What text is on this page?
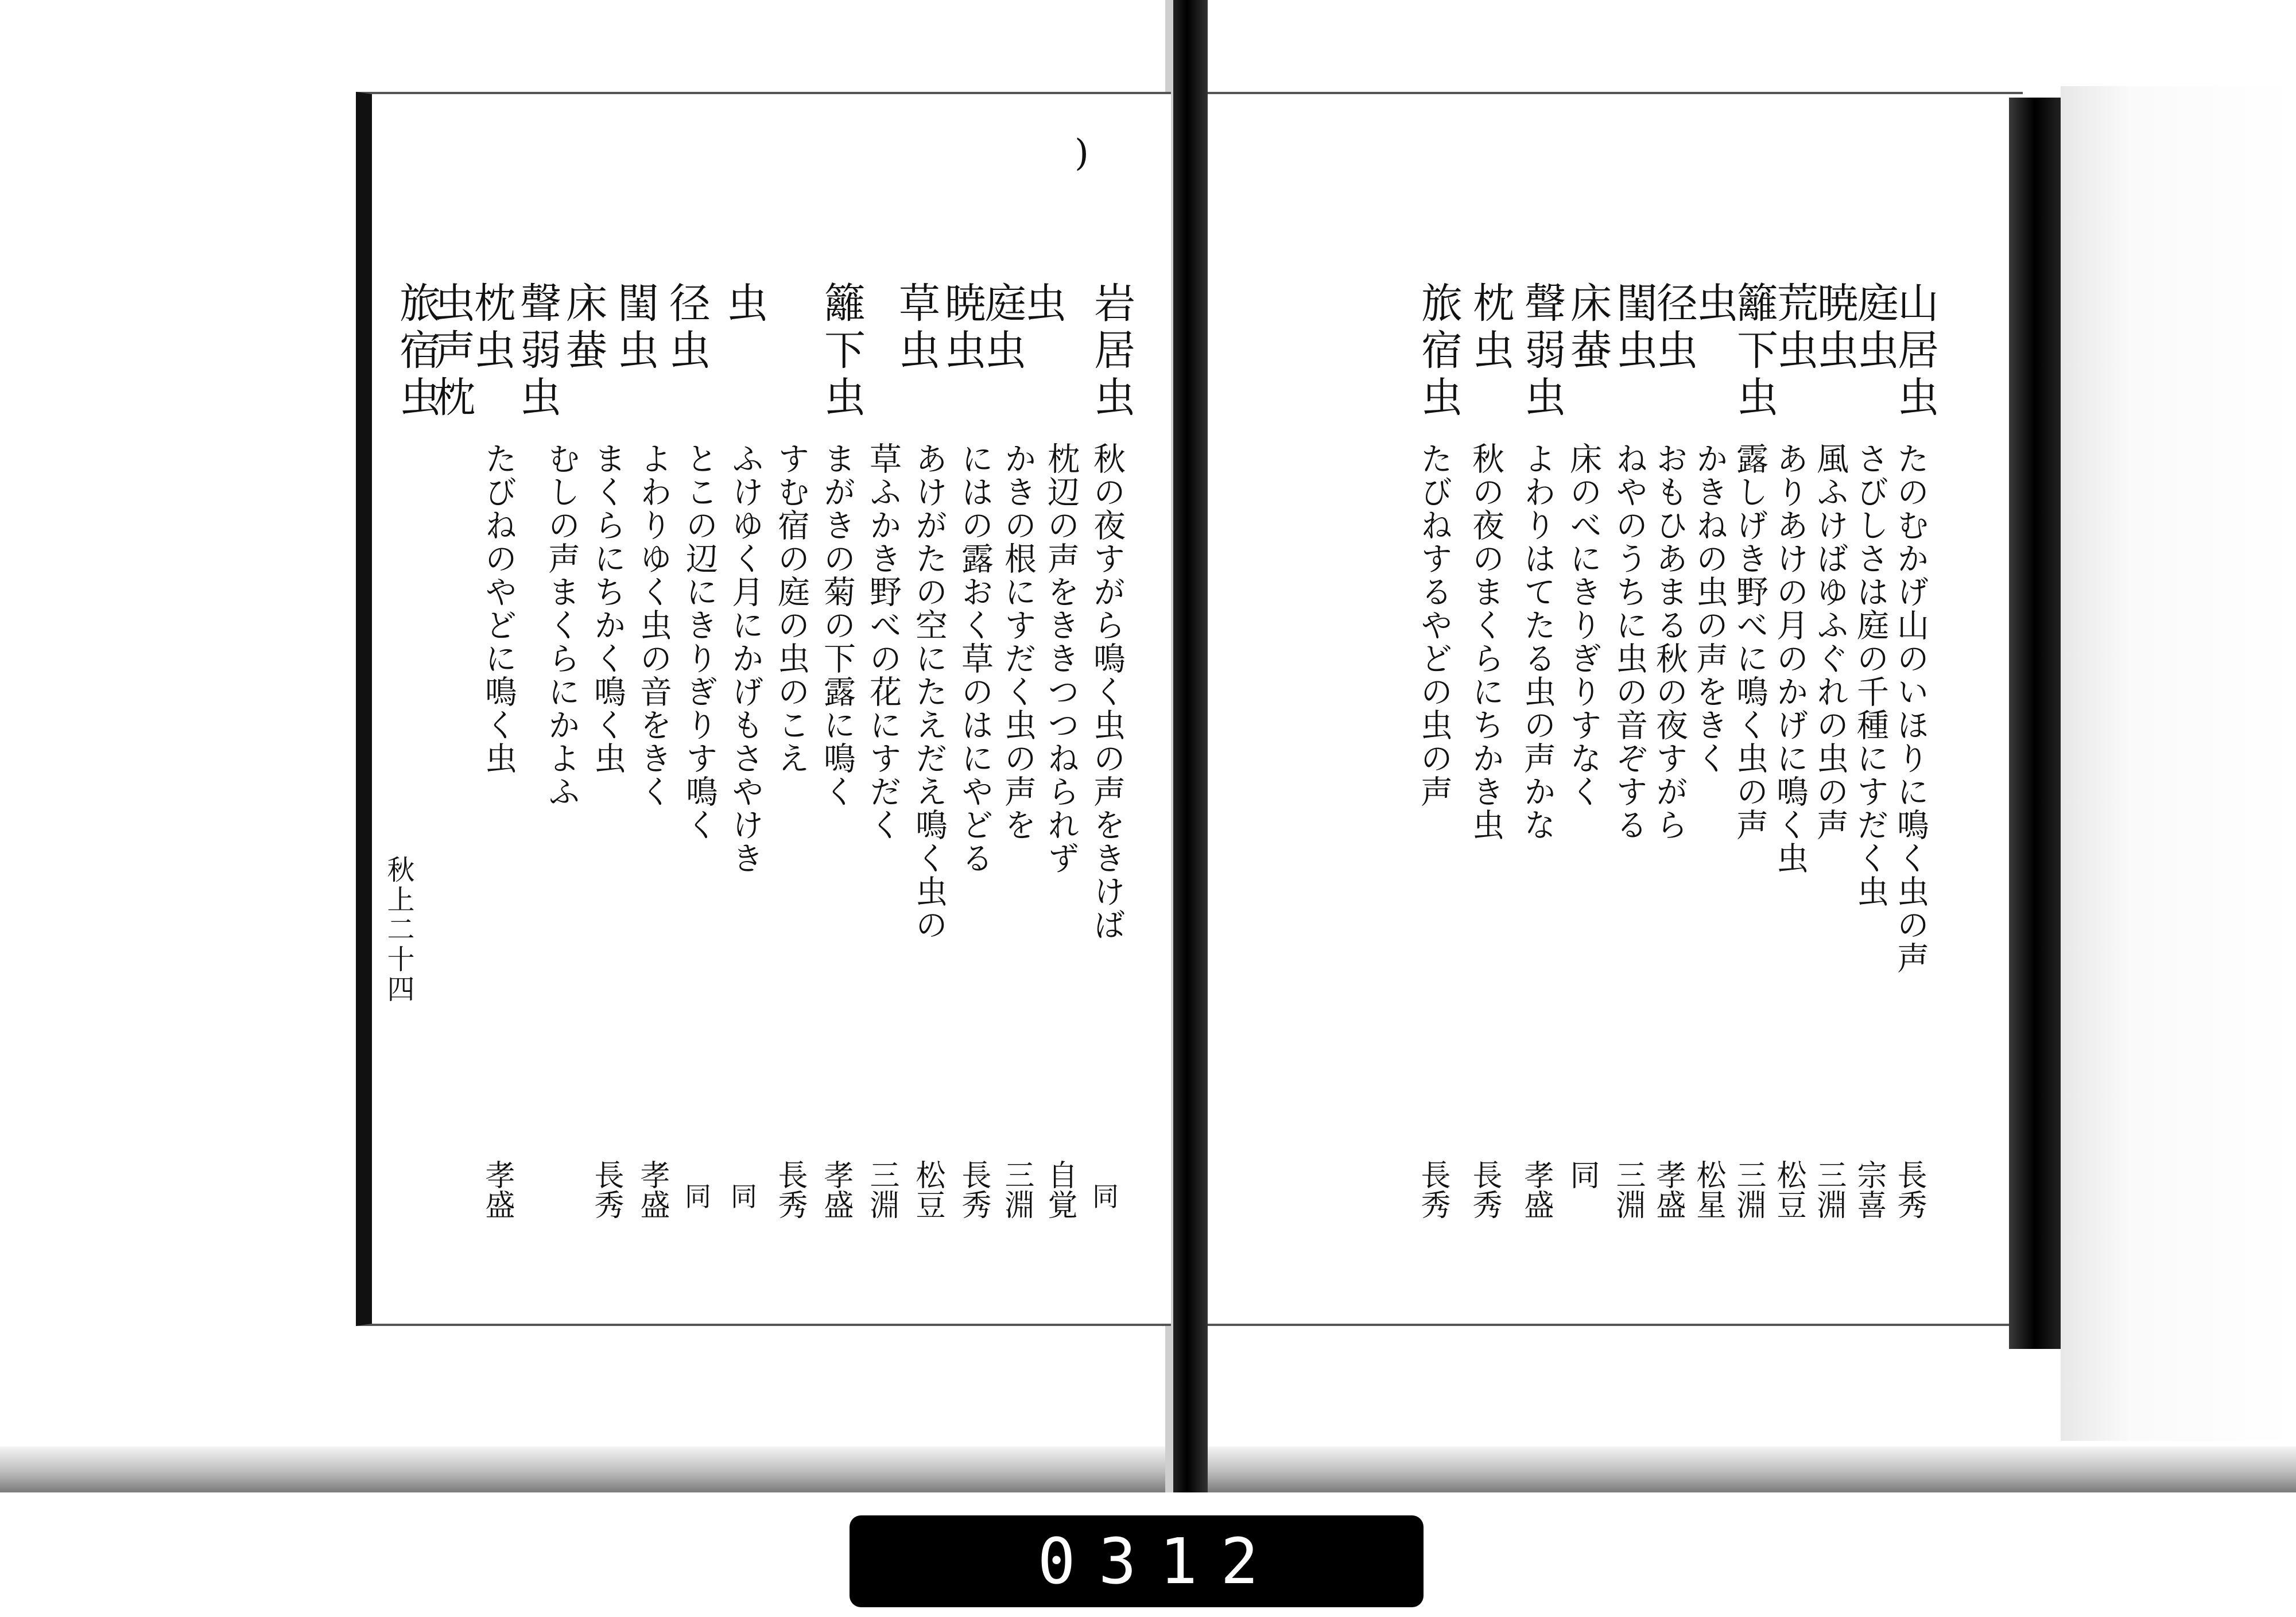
)
秋上二十四
山居虫
庭虫
暁虫
荒虫
籬下虫
虫
径虫
閨虫
床蛬
聲弱虫
枕虫
旅宿虫
たのむかげ山のいほりに鳴く虫の声
さびしさは庭の千種にすだく虫
風ふけばゆふぐれの虫の声
ありあけの月のかげに鳴く虫
露しげき野べに鳴く虫の声
かきねの虫の声をきく
おもひあまる秋の夜すがら
ねやのうちに虫の音ぞする
床のべにきりぎりすなく
よわりはてたる虫の声かな
秋の夜のまくらにちかき虫
たびねするやどの虫の声
長秀
宗喜
三淵
松豆
三淵
松星
孝盛
三淵
同
孝盛
長秀
長秀
岩居虫
虫
庭虫
暁虫
草虫
籬下虫
虫
径虫
閨虫
床蛬
聲弱虫
枕虫
虫声枕
旅宿虫
秋の夜すがら鳴く虫の声をきけば
枕辺の声をききつつねられず
かきの根にすだく虫の声を
にはの露おく草のはにやどる
あけがたの空にたえだえ鳴く虫の
草ふかき野べの花にすだく
まがきの菊の下露に鳴く
すむ宿の庭の虫のこえ
ふけゆく月にかげもさやけき
とこの辺にきりぎりす鳴く
よわりゆく虫の音をきく
まくらにちかく鳴く虫
むしの声まくらにかよふ
たびねのやどに鳴く虫
同
自覚
三淵
長秀
松豆
三淵
孝盛
長秀
同
同
孝盛
長秀
孝盛
0312
